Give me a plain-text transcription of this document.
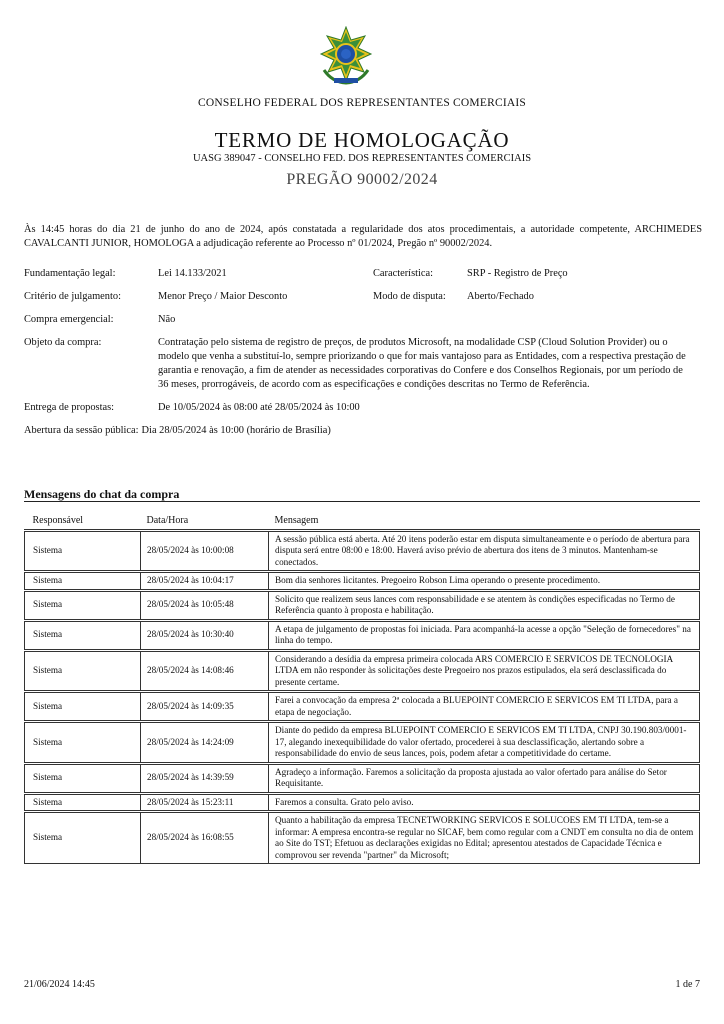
CONSELHO FEDERAL DOS REPRESENTANTES COMERCIAIS
TERMO DE HOMOLOGAÇÃO
UASG 389047 - CONSELHO FED. DOS REPRESENTANTES COMERCIAIS
PREGÃO 90002/2024
Às 14:45 horas do dia 21 de junho do ano de 2024, após constatada a regularidade dos atos procedimentais, a autoridade competente, ARCHIMEDES CAVALCANTI JUNIOR, HOMOLOGA a adjudicação referente ao Processo nº 01/2024, Pregão nº 90002/2024.
Fundamentação legal:	Lei 14.133/2021	Característica:	SRP - Registro de Preço
Critério de julgamento:	Menor Preço / Maior Desconto	Modo de disputa:	Aberto/Fechado
Compra emergencial:	Não
Objeto da compra:	Contratação pelo sistema de registro de preços, de produtos Microsoft, na modalidade CSP (Cloud Solution Provider) ou o modelo que venha a substituí-lo, sempre priorizando o que for mais vantajoso para as Entidades, com a respectiva prestação de garantia e renovação, a fim de atender as necessidades corporativas do Confere e dos Conselhos Regionais, por um período de 36 meses, prorrogáveis, de acordo com as especificações e condições descritas no Termo de Referência.
Entrega de propostas:	De 10/05/2024 às 08:00 até 28/05/2024 às 10:00
Abertura da sessão pública: Dia 28/05/2024 às 10:00 (horário de Brasília)
Mensagens do chat da compra
Responsável	Data/Hora	Mensagem
Sistema	28/05/2024 às 10:00:08	A sessão pública está aberta. Até 20 itens poderão estar em disputa simultaneamente e o período de abertura para disputa será entre 08:00 e 18:00. Haverá aviso prévio de abertura dos itens de 3 minutos. Mantenham-se conectados.
Sistema	28/05/2024 às 10:04:17	Bom dia senhores licitantes. Pregoeiro Robson Lima operando o presente procedimento.
Sistema	28/05/2024 às 10:05:48	Solicito que realizem seus lances com responsabilidade e se atentem às condições especificadas no Termo de Referência quanto à proposta e habilitação.
Sistema	28/05/2024 às 10:30:40	A etapa de julgamento de propostas foi iniciada. Para acompanhá-la acesse a opção "Seleção de fornecedores" na linha do tempo.
Sistema	28/05/2024 às 14:08:46	Considerando a desídia da empresa primeira colocada ARS COMERCIO E SERVICOS DE TECNOLOGIA LTDA em não responder às solicitações deste Pregoeiro nos prazos estipulados, ela será desclassificada do presente certame.
Sistema	28/05/2024 às 14:09:35	Farei a convocação da empresa 2ª colocada a BLUEPOINT COMERCIO E SERVICOS EM TI LTDA, para a etapa de negociação.
Sistema	28/05/2024 às 14:24:09	Diante do pedido da empresa BLUEPOINT COMERCIO E SERVICOS EM TI LTDA, CNPJ 30.190.803/0001-17, alegando inexequibilidade do valor ofertado, procederei à sua desclassificação, alertando sobre a responsabilidade do envio de seus lances, pois, podem afetar a competitividade do certame.
Sistema	28/05/2024 às 14:39:59	Agradeço a informação. Faremos a solicitação da proposta ajustada ao valor ofertado para análise do Setor Requisitante.
Sistema	28/05/2024 às 15:23:11	Faremos a consulta. Grato pelo aviso.
Sistema	28/05/2024 às 16:08:55	Quanto a habilitação da empresa TECNETWORKING SERVICOS E SOLUCOES EM TI LTDA, tem-se a informar: A empresa encontra-se regular no SICAF, bem como regular com a CNDT em consulta no dia de ontem ao Site do TST; Efetuou as declarações exigidas no Edital; apresentou atestados de Capacidade Técnica e comprovou ser revenda "partner" da Microsoft;
21/06/2024 14:45	1 de 7
